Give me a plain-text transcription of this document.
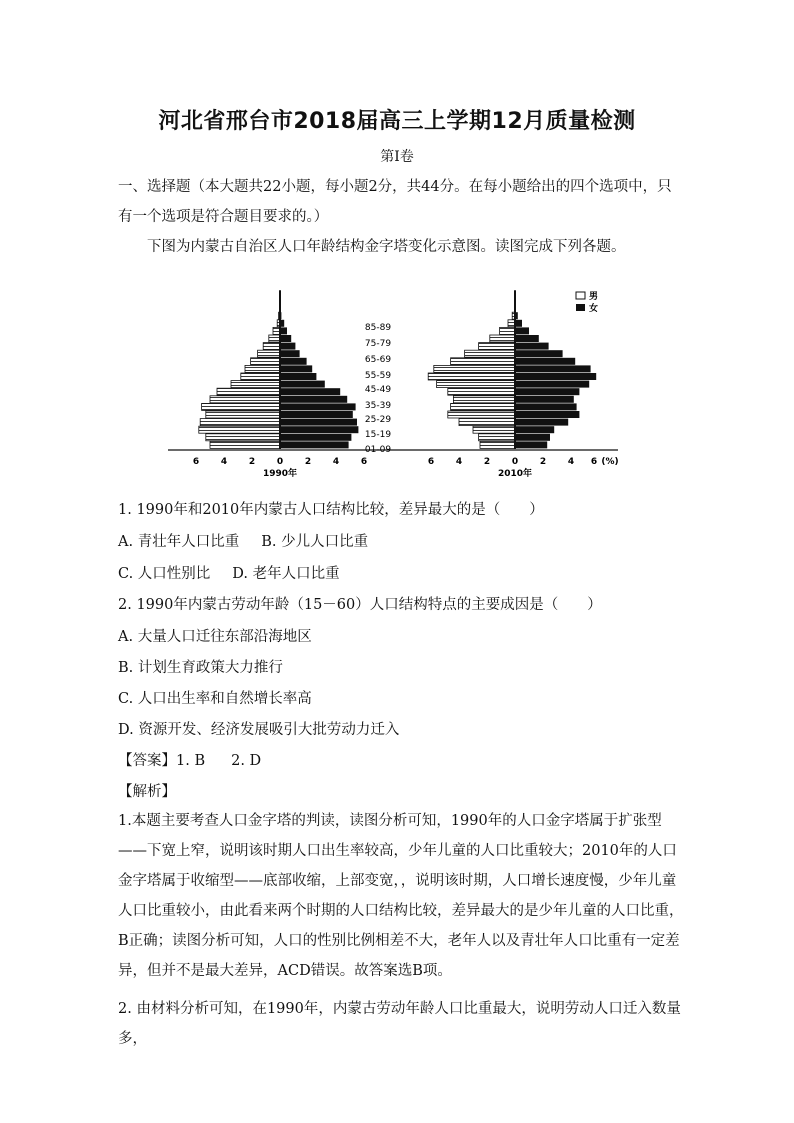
河北省邢台市2018届高三上学期12月质量检测
第Ⅰ卷
一、选择题（本大题共22小题，每小题2分，共44分。在每小题给出的四个选项中，只有一个选项是符合题目要求的。）
下图为内蒙古自治区人口年龄结构金字塔变化示意图。读图完成下列各题。
85-89
75-79
65-69
55-59
45-49
35-39
25-29
15-19
01-09
6 4 2 0 2 4 6
1990年
6 4 2 0 2 4 6 (%)
2010年
男
女
1. 1990年和2010年内蒙古人口结构比较，差异最大的是（　　）
A. 青壮年人口比重 B. 少儿人口比重
C. 人口性别比 D. 老年人口比重
2. 1990年内蒙古劳动年龄（15－60）人口结构特点的主要成因是（　　）
A. 大量人口迁往东部沿海地区
B. 计划生育政策大力推行
C. 人口出生率和自然增长率高
D. 资源开发、经济发展吸引大批劳动力迁入
【答案】1. B 2. D
【解析】
1.本题主要考查人口金字塔的判读，读图分析可知，1990年的人口金字塔属于扩张型——下宽上窄，说明该时期人口出生率较高，少年儿童的人口比重较大；2010年的人口金字塔属于收缩型——底部收缩，上部变宽，，说明该时期，人口增长速度慢，少年儿童人口比重较小，由此看来两个时期的人口结构比较，差异最大的是少年儿童的人口比重，B正确；读图分析可知，人口的性别比例相差不大，老年人以及青壮年人口比重有一定差异，但并不是最大差异，ACD错误。故答案选B项。
2. 由材料分析可知，在1990年，内蒙古劳动年龄人口比重最大，说明劳动人口迁入数量多，
